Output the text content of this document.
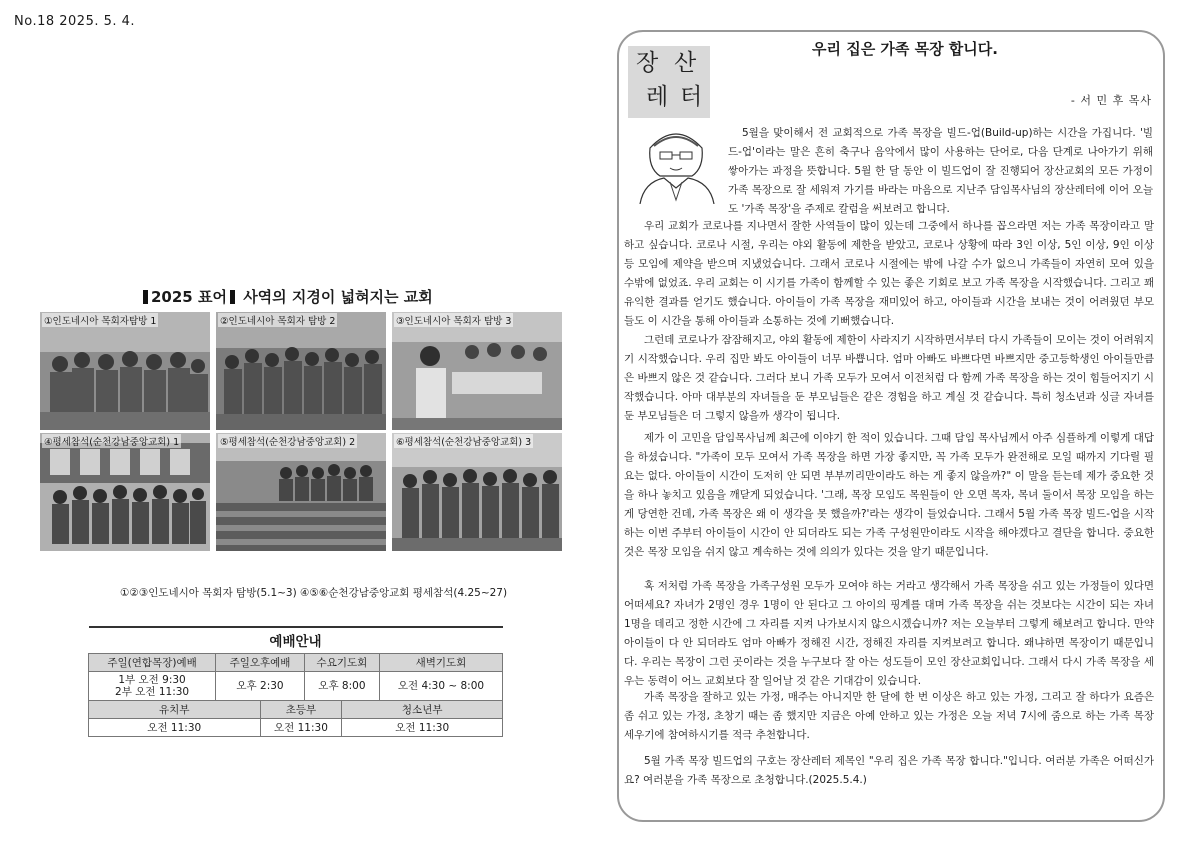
No.18 2025. 5. 4.
2025 표어 사역의 지경이 넓혀지는 교회
①인도네시아 목회자탐방 1	②인도네시아 목회자 탐방 2	③인도네시아 목회자 탐방 3
④평세참석(순천강남중앙교회) 1	⑤평세참석(순천강남중앙교회) 2	⑥평세참석(순천강남중앙교회) 3
①②③인도네시아 목회자 탐방(5.1~3) ④⑤⑥순천강남중앙교회 평세참석(4.25~27)
예배안내					
주일(연합목장)예배	주일오후예배		수요기도회		새벽기도회
1부 오전 9:30
2부 오전 11:30	오후 2:30		오후 8:00		오전 4:30 ~ 8:00
유치부		초등부		청소년부	
오전 11:30		오전 11:30		오전 11:30	
장 산
레 터
우리 집은 가족 목장 합니다.
- 서 민 후 목사
5월을 맞이해서 전 교회적으로 가족 목장을 빌드-업(Build-up)하는 시간을 가집니다. '빌드-업'이라는 말은 흔히 축구나 음악에서 많이 사용하는 단어로, 다음 단계로 나아가기 위해 쌓아가는 과정을 뜻합니다. 5월 한 달 동안 이 빌드업이 잘 진행되어 장산교회의 모든 가정이 가족 목장으로 잘 세워져 가기를 바라는 마음으로 지난주 담임목사님의 장산레터에 이어 오늘도 '가족 목장'을 주제로 칼럼을 써보려고 합니다.
우리 교회가 코로나를 지나면서 잘한 사역들이 많이 있는데 그중에서 하나를 꼽으라면 저는 가족 목장이라고 말하고 싶습니다. 코로나 시절, 우리는 야외 활동에 제한을 받았고, 코로나 상황에 따라 3인 이상, 5인 이상, 9인 이상 등 모임에 제약을 받으며 지냈었습니다. 그래서 코로나 시절에는 밖에 나갈 수가 없으니 가족들이 자연히 모여 있을 수밖에 없었죠. 우리 교회는 이 시기를 가족이 함께할 수 있는 좋은 기회로 보고 가족 목장을 시작했습니다. 그리고 꽤 유익한 결과를 얻기도 했습니다. 아이들이 가족 목장을 재미있어 하고, 아이들과 시간을 보내는 것이 어려웠던 부모들도 이 시간을 통해 아이들과 소통하는 것에 기뻐했습니다.
그런데 코로나가 잠잠해지고, 야외 활동에 제한이 사라지기 시작하면서부터 다시 가족들이 모이는 것이 어려워지기 시작했습니다. 우리 집만 봐도 아이들이 너무 바쁩니다. 엄마 아빠도 바쁘다면 바쁘지만 중고등학생인 아이들만큼은 바쁘지 않은 것 같습니다. 그러다 보니 가족 모두가 모여서 이전처럼 다 함께 가족 목장을 하는 것이 힘들어지기 시작했습니다. 아마 대부분의 자녀들을 둔 부모님들은 같은 경험을 하고 계실 것 같습니다. 특히 청소년과 싱글 자녀를 둔 부모님들은 더 그렇지 않을까 생각이 됩니다.
제가 이 고민을 담임목사님께 최근에 이야기 한 적이 있습니다. 그때 담임 목사님께서 아주 심플하게 이렇게 대답을 하셨습니다. "가족이 모두 모여서 가족 목장을 하면 가장 좋지만, 꼭 가족 모두가 완전해로 모일 때까지 기다릴 필요는 없다. 아이들이 시간이 도저히 안 되면 부부끼리만이라도 하는 게 좋지 않을까?" 이 말을 듣는데 제가 중요한 것을 하나 놓치고 있음을 깨닫게 되었습니다. '그래, 목장 모임도 목원들이 안 오면 목자, 목녀 둘이서 목장 모임을 하는 게 당연한 건데, 가족 목장은 왜 이 생각을 못 했을까?'라는 생각이 들었습니다. 그래서 5월 가족 목장 빌드-업을 시작하는 이번 주부터 아이들이 시간이 안 되더라도 되는 가족 구성원만이라도 시작을 해야겠다고 결단을 합니다. 중요한 것은 목장 모임을 쉬지 않고 계속하는 것에 의의가 있다는 것을 알기 때문입니다.
혹 저처럼 가족 목장을 가족구성원 모두가 모여야 하는 거라고 생각해서 가족 목장을 쉬고 있는 가정들이 있다면 어떠세요? 자녀가 2명인 경우 1명이 안 된다고 그 아이의 핑계를 대며 가족 목장을 쉬는 것보다는 시간이 되는 자녀 1명을 데리고 정한 시간에 그 자리를 지켜 나가보시지 않으시겠습니까? 저는 오늘부터 그렇게 해보려고 합니다. 만약 아이들이 다 안 되더라도 엄마 아빠가 정해진 시간, 정해진 자리를 지켜보려고 합니다. 왜냐하면 목장이기 때문입니다. 우리는 목장이 그런 곳이라는 것을 누구보다 잘 아는 성도들이 모인 장산교회입니다. 그래서 다시 가족 목장을 세우는 동력이 어느 교회보다 잘 일어날 것 같은 기대감이 있습니다.
가족 목장을 잘하고 있는 가정, 매주는 아니지만 한 달에 한 번 이상은 하고 있는 가정, 그리고 잘 하다가 요즘은 좀 쉬고 있는 가정, 초창기 때는 좀 했지만 지금은 아예 안하고 있는 가정은 오늘 저녁 7시에 줌으로 하는 가족 목장 세우기에 참여하시기를 적극 추천합니다.
5월 가족 목장 빌드업의 구호는 장산레터 제목인 "우리 집은 가족 목장 합니다."입니다. 여러분 가족은 어떠신가요? 여러분을 가족 목장으로 초청합니다.(2025.5.4.)
